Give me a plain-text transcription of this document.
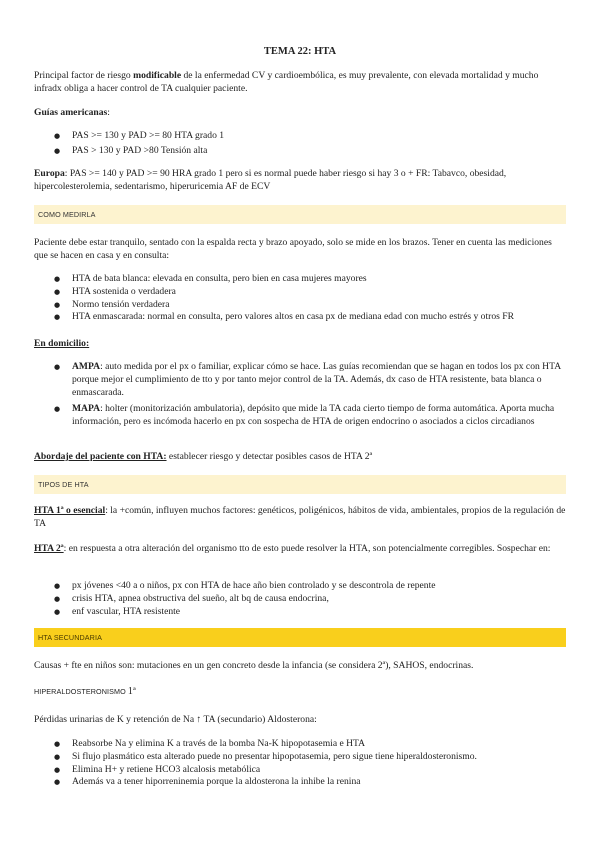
TEMA 22: HTA

Principal factor de riesgo modificable de la enfermedad CV y cardioembólica, es muy prevalente, con elevada mortalidad y mucho infradx obliga a hacer control de TA cualquier paciente.

Guías americanas:

● PAS >= 130 y PAD >= 80 HTA grado 1
● PAS > 130 y PAD >80 Tensión alta

Europa: PAS >= 140 y PAD >= 90 HRA grado 1 pero si es normal puede haber riesgo si hay 3 o + FR: Tabavco, obesidad, hipercolesterolemia, sedentarismo, hiperuricemia AF de ECV

COMO MEDIRLA

Paciente debe estar tranquilo, sentado con la espalda recta y brazo apoyado, solo se mide en los brazos. Tener en cuenta las mediciones que se hacen en casa y en consulta:

● HTA de bata blanca: elevada en consulta, pero bien en casa mujeres mayores
● HTA sostenida o verdadera
● Normo tensión verdadera
● HTA enmascarada: normal en consulta, pero valores altos en casa px de mediana edad con mucho estrés y otros FR

En domicilio:

● AMPA: auto medida por el px o familiar, explicar cómo se hace. Las guías recomiendan que se hagan en todos los px con HTA porque mejor el cumplimiento de tto y por tanto mejor control de la TA. Además, dx caso de HTA resistente, bata blanca o enmascarada.
● MAPA: holter (monitorización ambulatoria), depósito que mide la TA cada cierto tiempo de forma automática. Aporta mucha información, pero es incómoda hacerlo en px con sospecha de HTA de origen endocrino o asociados a ciclos circadianos

Abordaje del paciente con HTA: establecer riesgo y detectar posibles casos de HTA 2ª

TIPOS DE HTA

HTA 1ª o esencial: la +común, influyen muchos factores: genéticos, poligénicos, hábitos de vida, ambientales, propios de la regulación de TA

HTA 2ª: en respuesta a otra alteración del organismo tto de esto puede resolver la HTA, son potencialmente corregibles. Sospechar en:

● px jóvenes <40 a o niños, px con HTA de hace año bien controlado y se descontrola de repente
● crisis HTA, apnea obstructiva del sueño, alt bq de causa endocrina,
● enf vascular, HTA resistente
HTA SECUNDARIA

Causas + fte en niños son: mutaciones en un gen concreto desde la infancia (se considera 2ª), SAHOS, endocrinas.

HIPERALDOSTERONISMO 1ª

Pérdidas urinarias de K y retención de Na ↑ TA (secundario) Aldosterona:

● Reabsorbe Na y elimina K a través de la bomba Na-K hipopotasemia e HTA
● Si flujo plasmático esta alterado puede no presentar hipopotasemia, pero sigue tiene hiperaldosteronismo.
● Elimina H+ y retiene HCO3 alcalosis metabólica
● Además va a tener hiporreninemia porque la aldosterona la inhibe la renina
